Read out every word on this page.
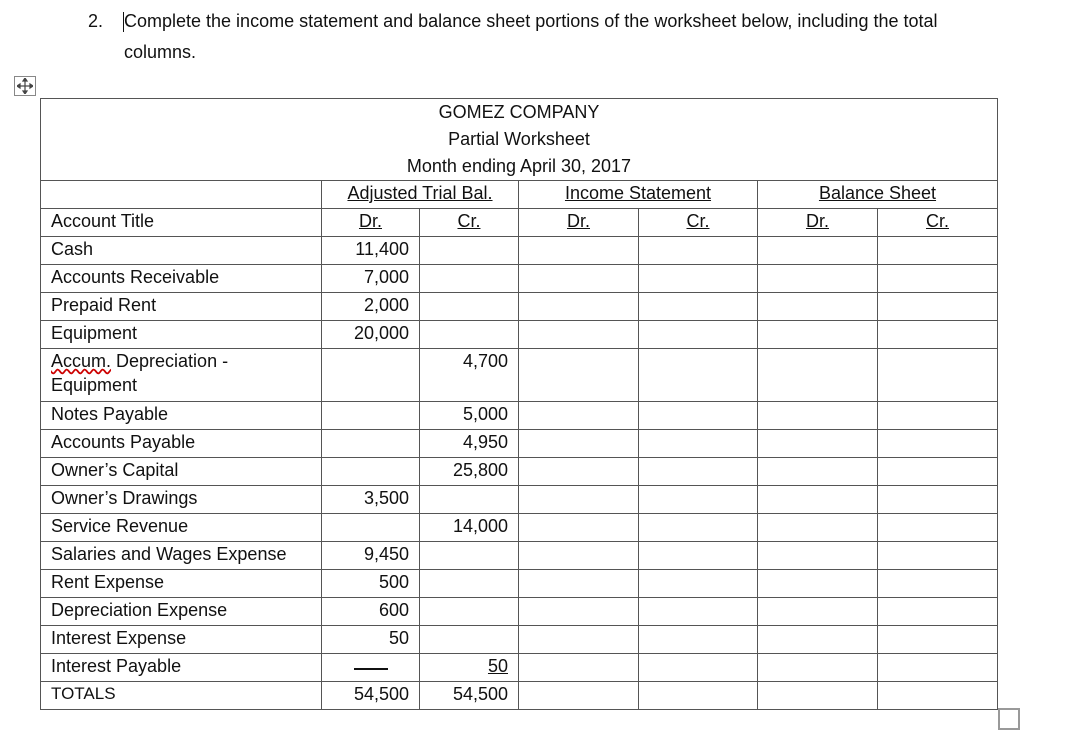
2. Complete the income statement and balance sheet portions of the worksheet below, including the total columns.
GOMEZ COMPANY
Partial Worksheet
Month ending April 30, 2017						

	Adjusted Trial Bal.		Income Statement		Balance Sheet	
Account Title	Dr.	Cr.	Dr.	Cr.	Dr.	Cr.
Cash	11,400					
Accounts Receivable	7,000					
Prepaid Rent	2,000					
Equipment	20,000					
Accum. Depreciation -
Equipment		4,700				
Notes Payable		5,000				
Accounts Payable		4,950				
Owner’s Capital		25,800				
Owner’s Drawings	3,500					
Service Revenue		14,000				
Salaries and Wages Expense	9,450					
Rent Expense	500					
Depreciation Expense	600					
Interest Expense	50					
Interest Payable		50				
TOTALS	54,500	54,500				
